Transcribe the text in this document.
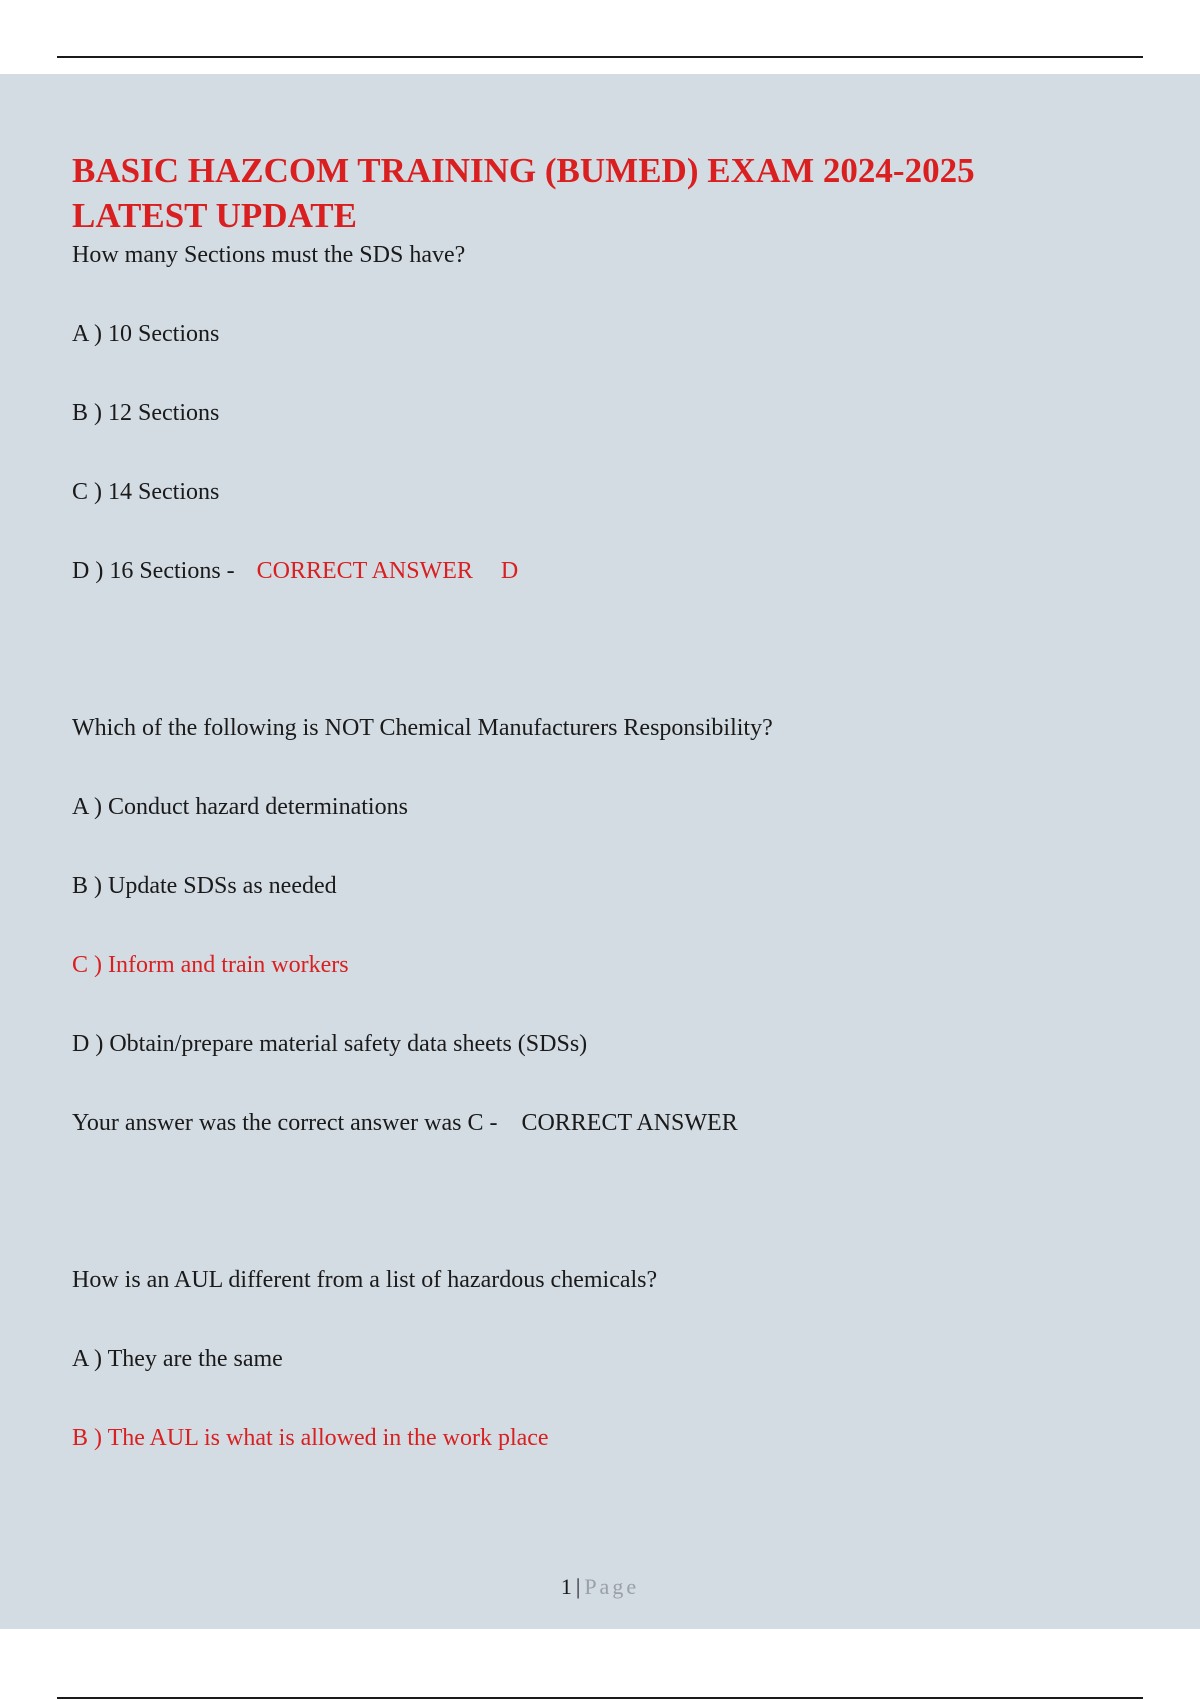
BASIC HAZCOM TRAINING (BUMED) EXAM 2024-2025
LATEST UPDATE

How many Sections must the SDS have?

A ) 10 Sections

B ) 12 Sections

C ) 14 Sections

D ) 16 Sections - CORRECT ANSWER D

Which of the following is NOT Chemical Manufacturers Responsibility?

A ) Conduct hazard determinations

B ) Update SDSs as needed

C ) Inform and train workers

D ) Obtain/prepare material safety data sheets (SDSs)

Your answer was the correct answer was C - CORRECT ANSWER

How is an AUL different from a list of hazardous chemicals?

A ) They are the same

B ) The AUL is what is allowed in the work place

1 | Page
